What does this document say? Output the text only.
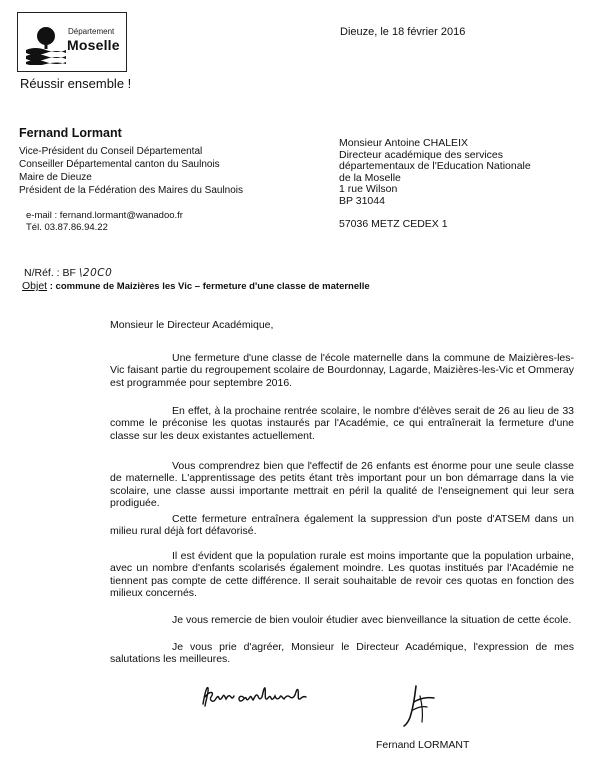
Département
Moselle
Réussir ensemble !
Dieuze, le 18 février 2016
Fernand Lormant
Vice-Président du Conseil Départemental
Conseiller Départemental canton du Saulnois
Maire de Dieuze
Président de la Fédération des Maires du Saulnois
e-mail : fernand.lormant@wanadoo.fr
Tél. 03.87.86.94.22
Monsieur Antoine CHALEIX
Directeur académique des services
départementaux de l'Education Nationale
de la Moselle
1 rue Wilson
BP 31044
57036 METZ CEDEX 1
N/Réf. : BF \20C0
Objet : commune de Maizières les Vic – fermeture d'une classe de maternelle
Monsieur le Directeur Académique,
Une fermeture d'une classe de l'école maternelle dans la commune de Maizières-les-Vic faisant partie du regroupement scolaire de Bourdonnay, Lagarde, Maizières-les-Vic et Ommeray est programmée pour septembre 2016.
En effet, à la prochaine rentrée scolaire, le nombre d'élèves serait de 26 au lieu de 33 comme le préconise les quotas instaurés par l'Académie, ce qui entraînerait la fermeture d'une classe sur les deux existantes actuellement.
Vous comprendrez bien que l'effectif de 26 enfants est énorme pour une seule classe de maternelle. L'apprentissage des petits étant très important pour un bon démarrage dans la vie scolaire, une classe aussi importante mettrait en péril la qualité de l'enseignement qui leur sera prodiguée.
Cette fermeture entraînera également la suppression d'un poste d'ATSEM dans un milieu rural déjà fort défavorisé.
Il est évident que la population rurale est moins importante que la population urbaine, avec un nombre d'enfants scolarisés également moindre. Les quotas institués par l'Académie ne tiennent pas compte de cette différence. Il serait souhaitable de revoir ces quotas en fonction des milieux concernés.
Je vous remercie de bien vouloir étudier avec bienveillance la situation de cette école.
Je vous prie d'agréer, Monsieur le Directeur Académique, l'expression de mes salutations les meilleures.
Fernand LORMANT
